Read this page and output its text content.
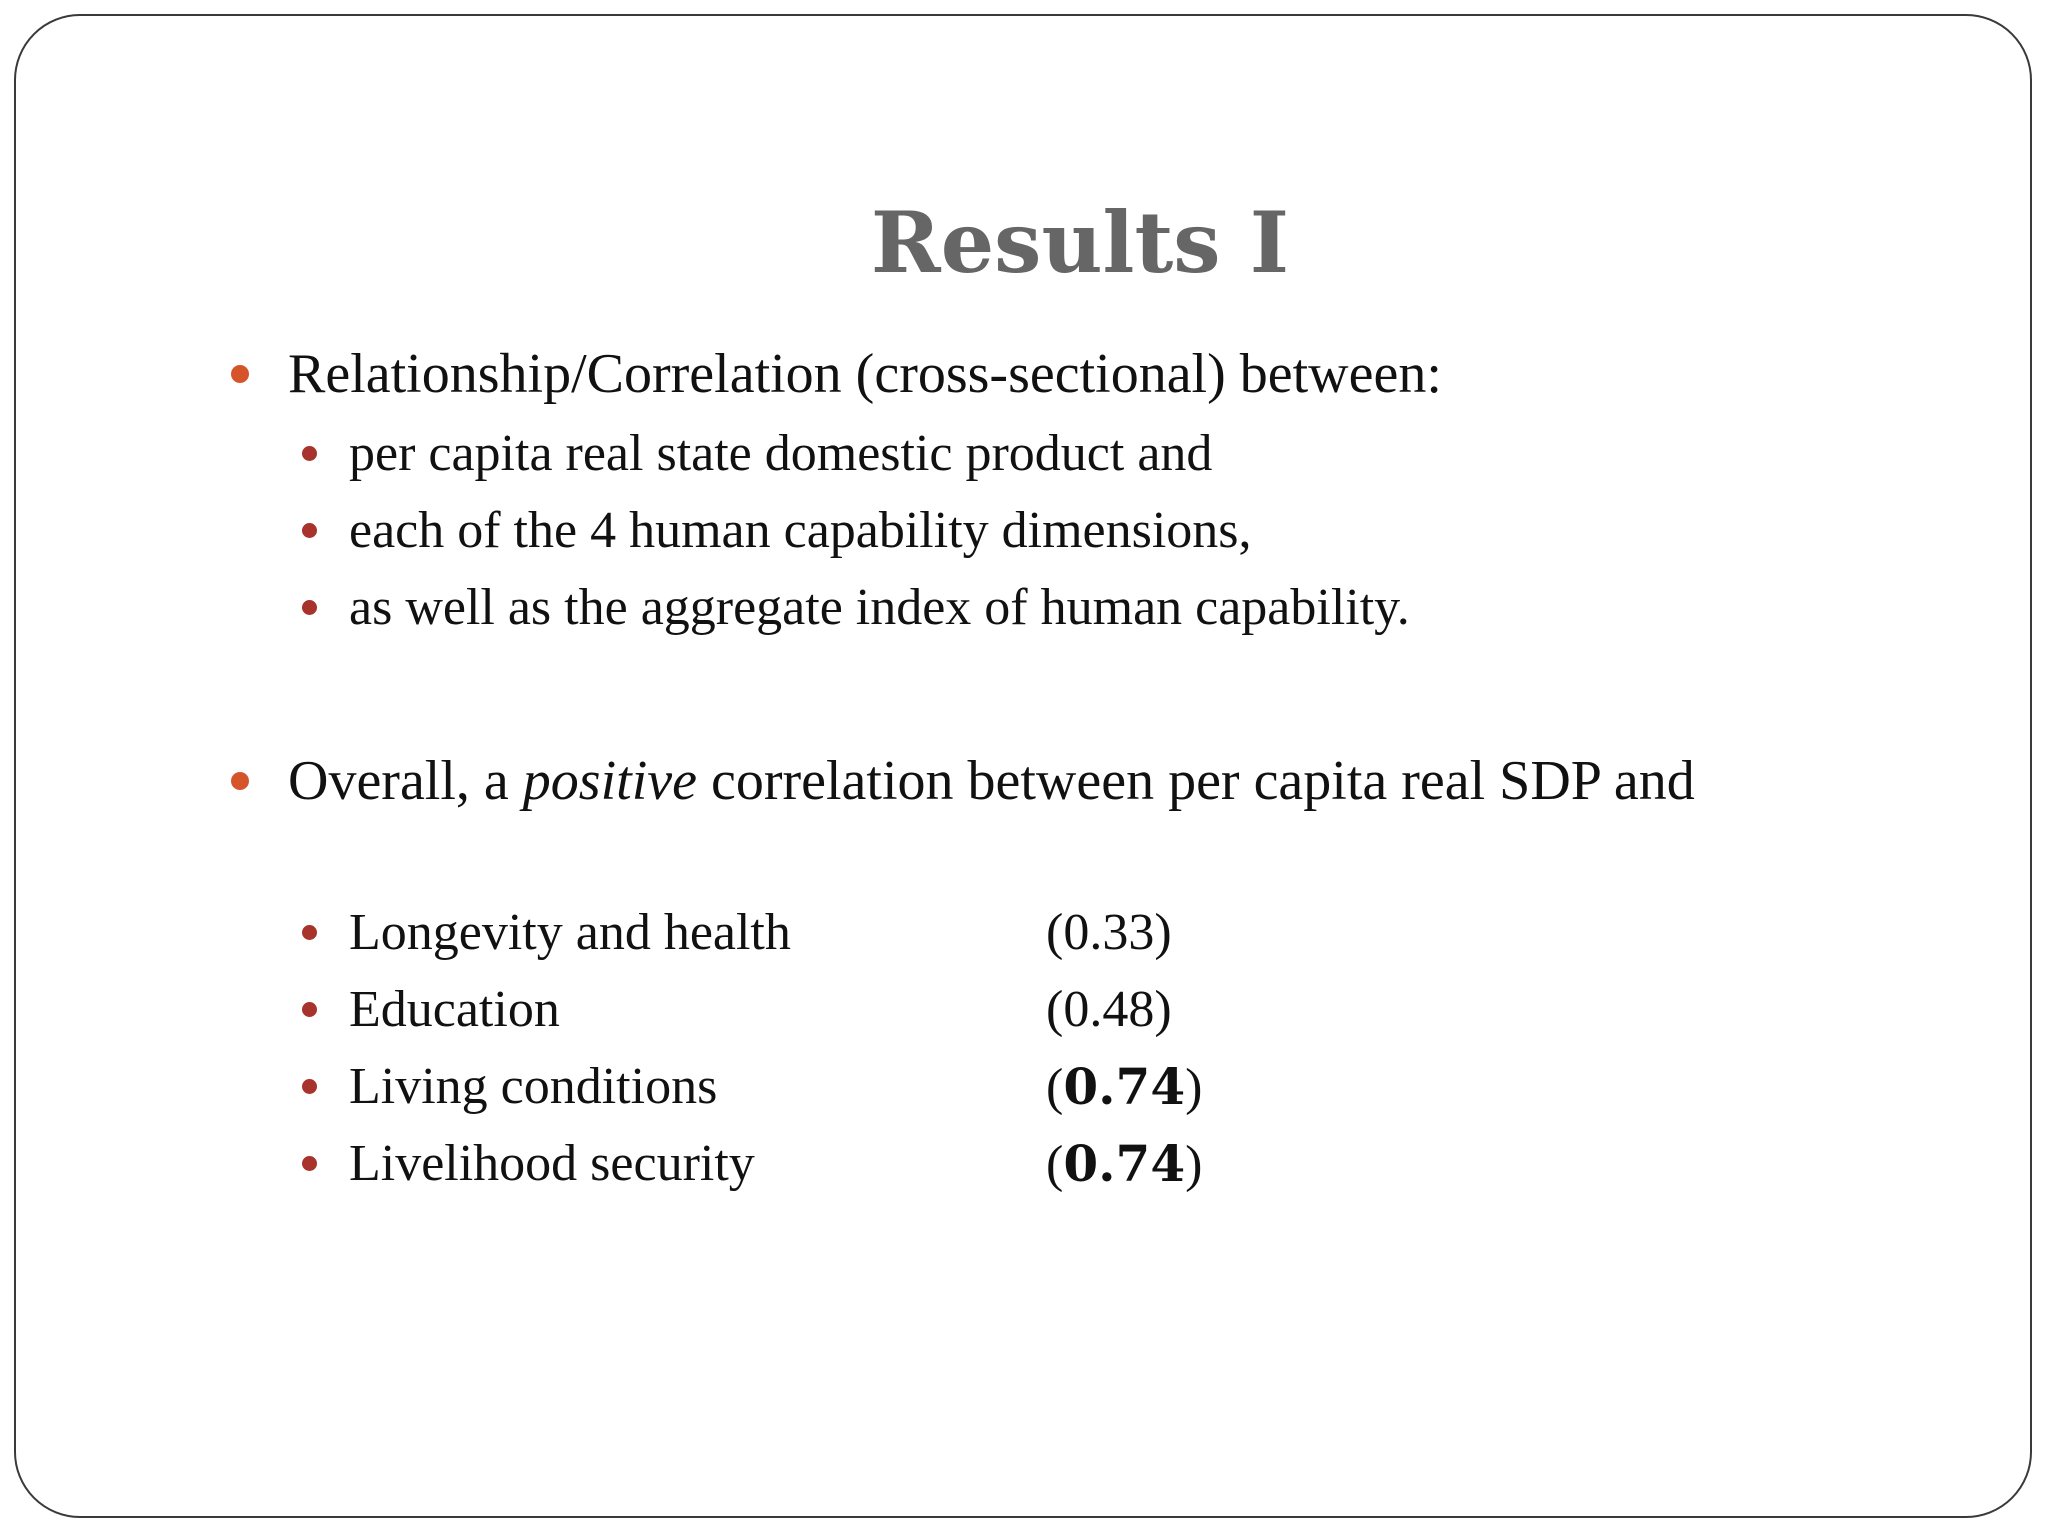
Results I
Relationship/Correlation (cross-sectional) between:
per capita real state domestic product and
each of the 4 human capability dimensions,
as well as the aggregate index of human capability.
Overall, a positive correlation between per capita real SDP and
Longevity and health	(0.33)
Education	(0.48)
Living conditions	(0.74)
Livelihood security	(0.74)
